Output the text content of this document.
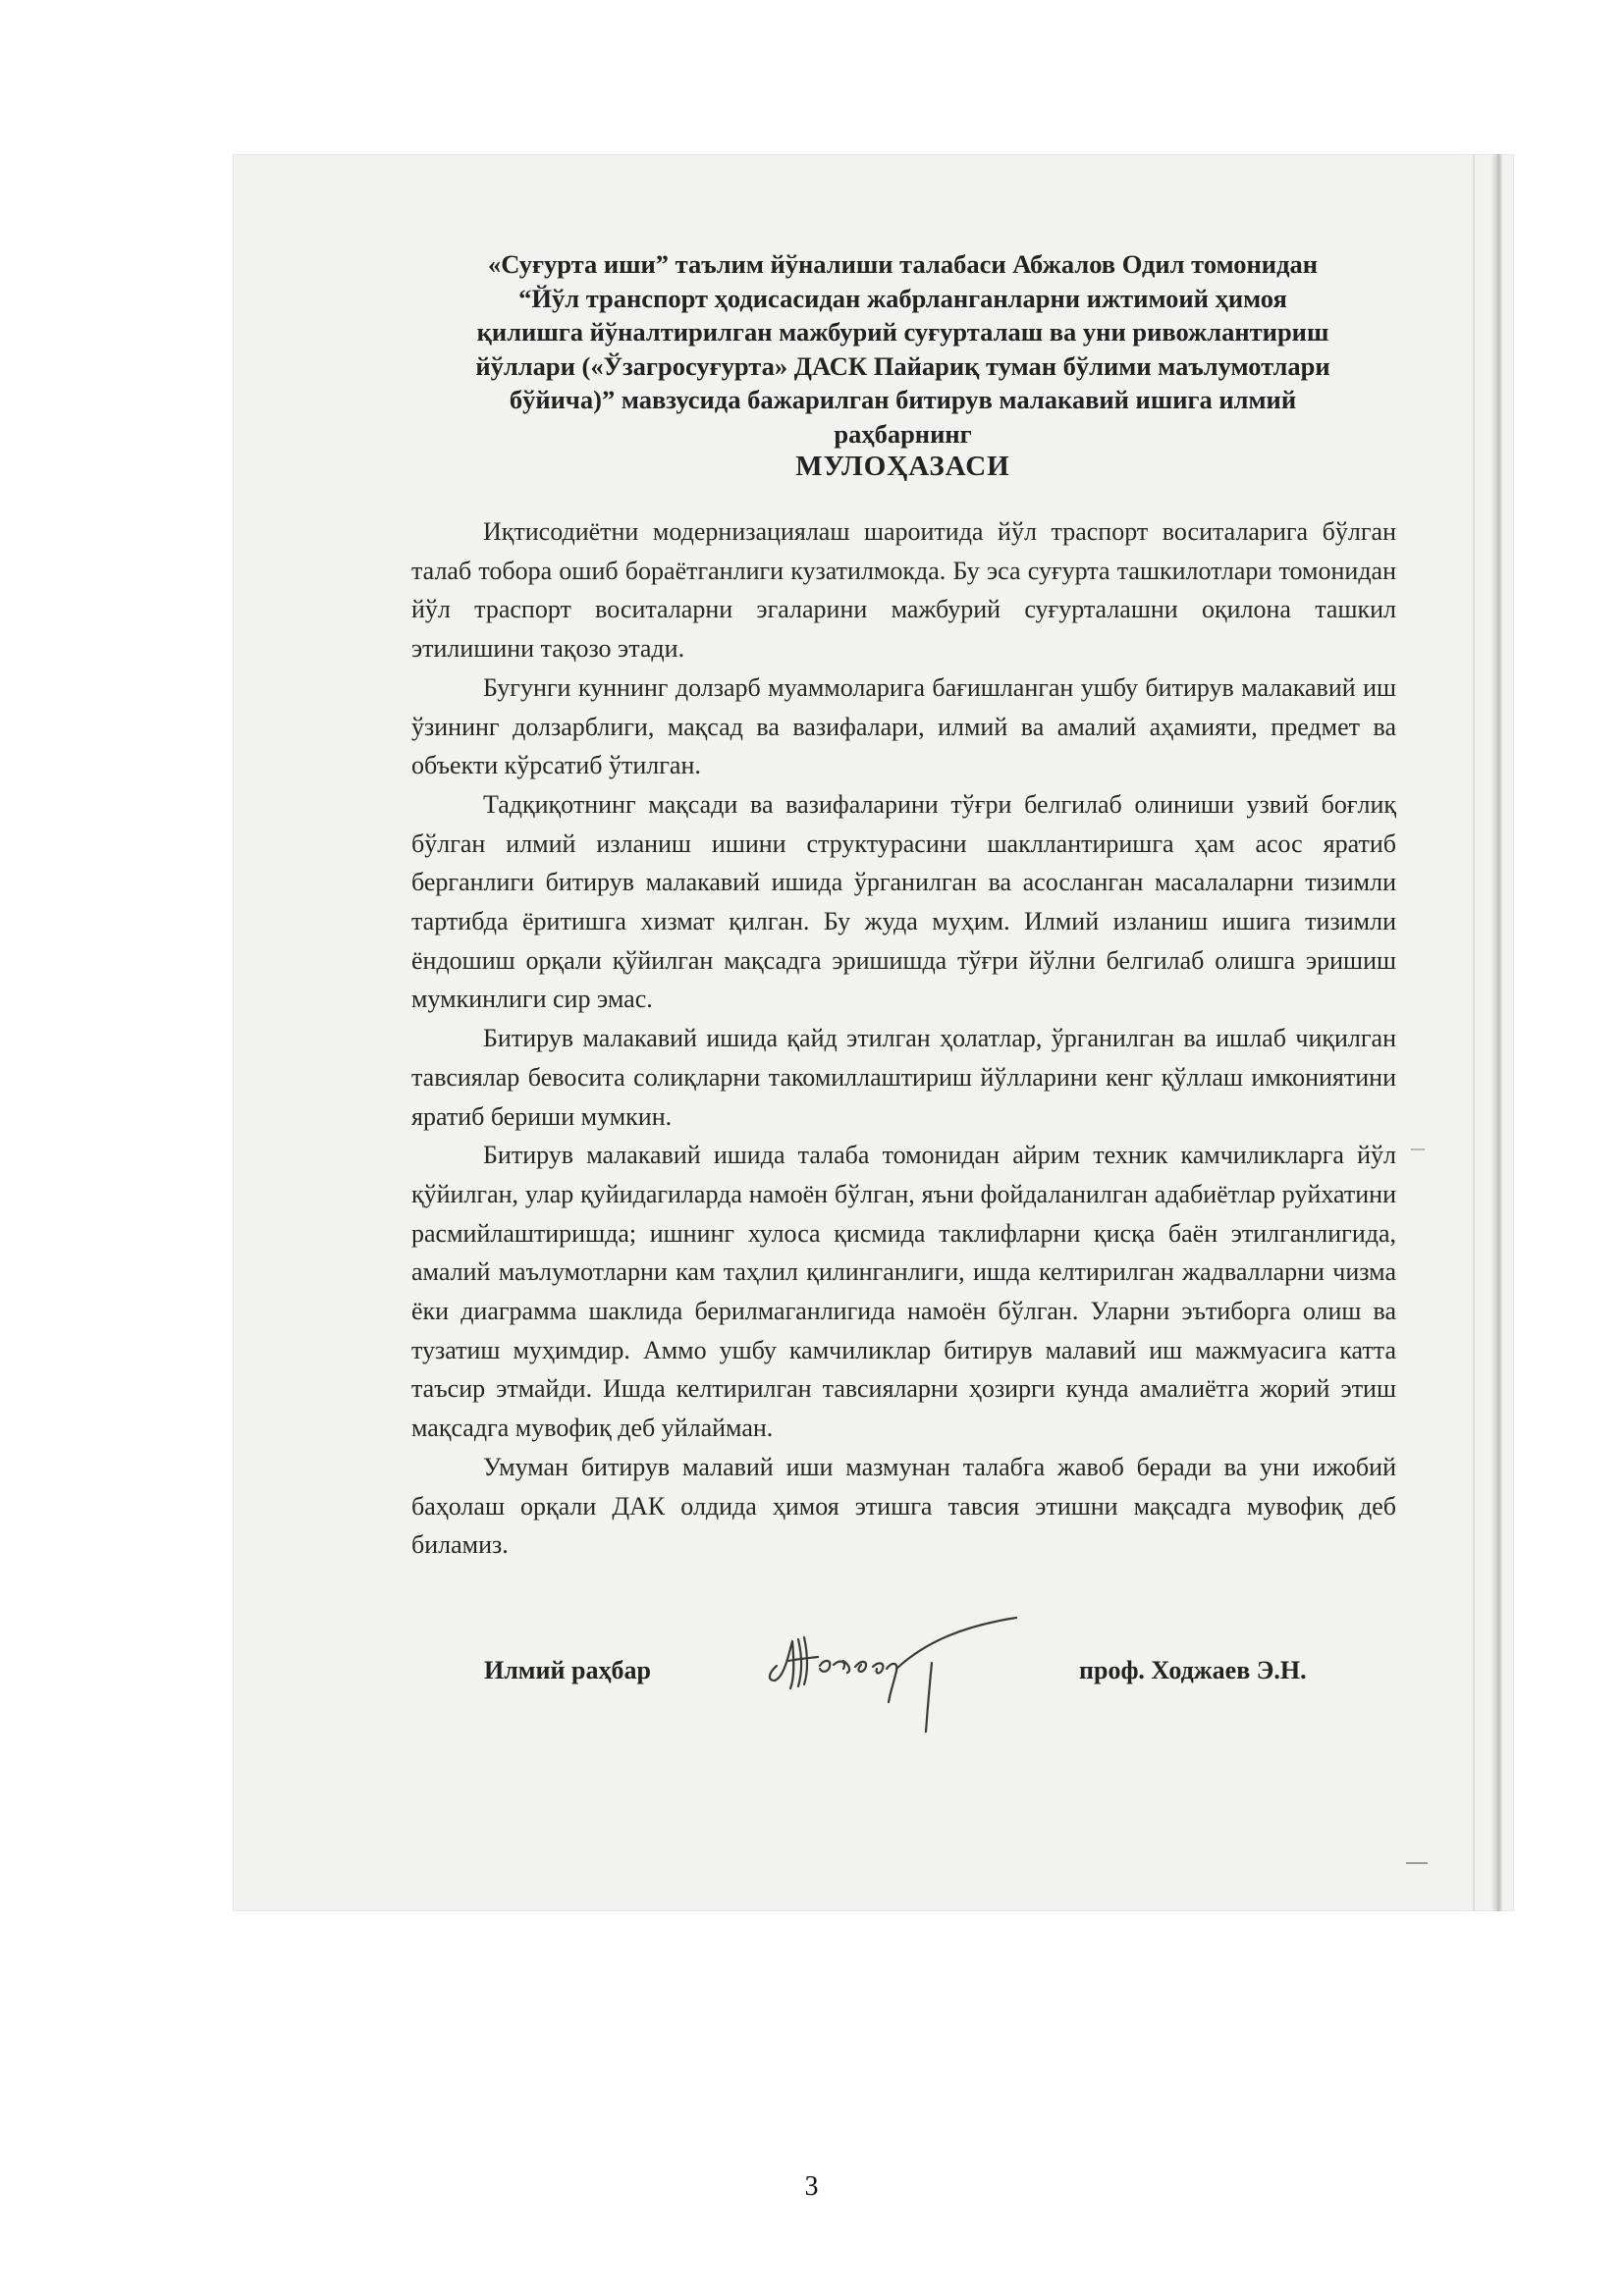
«Суғурта иши” таълим йўналиши талабаси Абжалов Одил томонидан
“Йўл транспорт ҳодисасидан жабрланганларни ижтимоий ҳимоя
қилишга йўналтирилган мажбурий суғурталаш ва уни ривожлантириш
йўллари («Ўзагросуғурта» ДАСК Пайариқ туман бўлими маълумотлари
бўйича)” мавзусида бажарилган битирув малакавий ишига илмий
раҳбарнинг
МУЛОҲАЗАСИ

Иқтисодиётни модернизациялаш шароитида йўл траспорт воситаларига бўлган талаб тобора ошиб бораётганлиги кузатилмокда. Бу эса суғурта ташкилотлари томонидан йўл траспорт воситаларни эгаларини мажбурий суғурталашни оқилона ташкил этилишини тақозо этади.

Бугунги куннинг долзарб муаммоларига бағишланган ушбу битирув малакавий иш ўзининг долзарблиги, мақсад ва вазифалари, илмий ва амалий аҳамияти, предмет ва объекти кўрсатиб ўтилган.

Тадқиқотнинг мақсади ва вазифаларини тўғри белгилаб олиниши узвий боғлиқ бўлган илмий изланиш ишини структурасини шакллантиришга ҳам асос яратиб берганлиги битирув малакавий ишида ўрганилган ва асосланган масалаларни тизимли тартибда ёритишга хизмат қилган. Бу жуда муҳим. Илмий изланиш ишига тизимли ёндошиш орқали қўйилган мақсадга эришишда тўғри йўлни белгилаб олишга эришиш мумкинлиги сир эмас.

Битирув малакавий ишида қайд этилган ҳолатлар, ўрганилган ва ишлаб чиқилган тавсиялар бевосита солиқларни такомиллаштириш йўлларини кенг қўллаш имкониятини яратиб бериши мумкин.

Битирув малакавий ишида талаба томонидан айрим техник камчиликларга йўл қўйилган, улар қуйидагиларда намоён бўлган, яъни фойдаланилган адабиётлар руйхатини расмийлаштиришда; ишнинг хулоса қисмида таклифларни қисқа баён этилганлигида, амалий маълумотларни кам таҳлил қилинганлиги, ишда келтирилган жадвалларни чизма ёки диаграмма шаклида берилмаганлигида намоён бўлган. Уларни эътиборга олиш ва тузатиш муҳимдир. Аммо ушбу камчиликлар битирув малавий иш мажмуасига катта таъсир этмайди. Ишда келтирилган тавсияларни ҳозирги кунда амалиётга жорий этиш мақсадга мувофиқ деб уйлайман.

Умуман битирув малавий иши мазмунан талабга жавоб беради ва уни ижобий баҳолаш орқали ДАК олдида ҳимоя этишга тавсия этишни мақсадга мувофиқ деб биламиз.

Илмий раҳбар	проф. Ходжаев Э.Н.
3
